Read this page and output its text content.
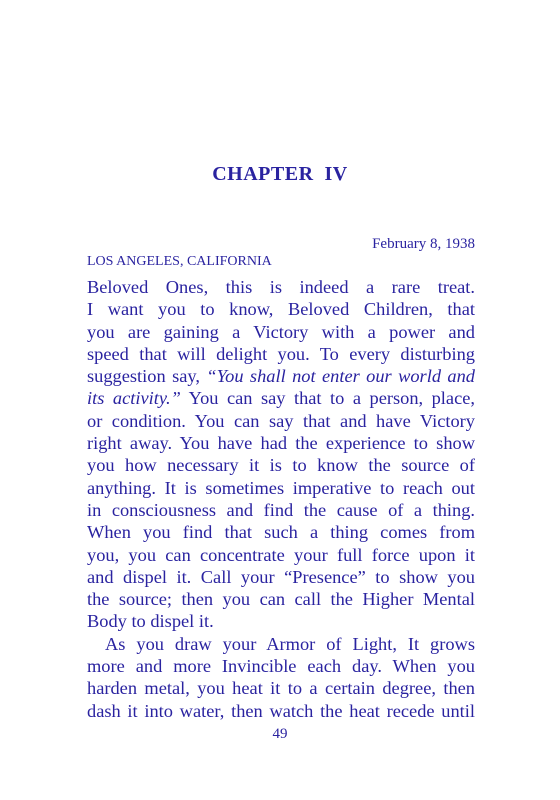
CHAPTER  IV
February 8, 1938
LOS ANGELES, CALIFORNIA
Beloved Ones, this is indeed a rare treat.
I want you to know, Beloved Children, that
you are gaining a Victory with a power and
speed that will delight you. To every disturbing
suggestion say, “You shall not enter our world and
its activity.” You can say that to a person, place,
or condition. You can say that and have Victory
right away. You have had the experience to show
you how necessary it is to know the source of
anything. It is sometimes imperative to reach out
in consciousness and find the cause of a thing.
When you find that such a thing comes from
you, you can concentrate your full force upon it
and dispel it. Call your “Presence” to show you
the source; then you can call the Higher Mental
Body to dispel it.
As you draw your Armor of Light, It grows
more and more Invincible each day. When you
harden metal, you heat it to a certain degree, then
dash it into water, then watch the heat recede until
49
